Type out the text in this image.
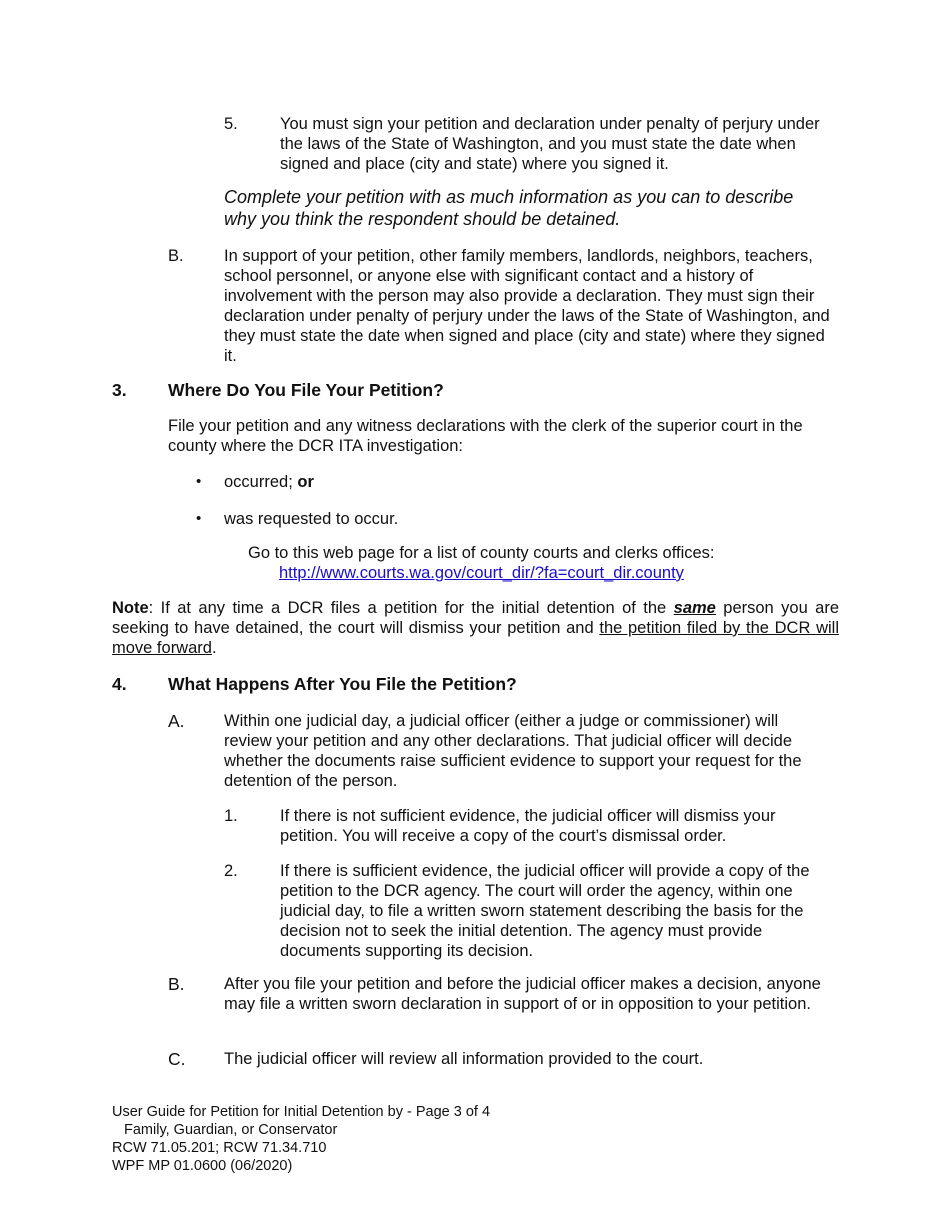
5.	You must sign your petition and declaration under penalty of perjury under the laws of the State of Washington, and you must state the date when signed and place (city and state) where you signed it.

Complete your petition with as much information as you can to describe why you think the respondent should be detained.

B. In support of your petition, other family members, landlords, neighbors, teachers, school personnel, or anyone else with significant contact and a history of involvement with the person may also provide a declaration. They must sign their declaration under penalty of perjury under the laws of the State of Washington, and they must state the date when signed and place (city and state) where they signed it.

3. Where Do You File Your Petition?

File your petition and any witness declarations with the clerk of the superior court in the county where the DCR ITA investigation:

• occurred; or
• was requested to occur.
Go to this web page for a list of county courts and clerks offices:
http://www.courts.wa.gov/court_dir/?fa=court_dir.county

Note: If at any time a DCR files a petition for the initial detention of the same person you are seeking to have detained, the court will dismiss your petition and the petition filed by the DCR will move forward.

4. What Happens After You File the Petition?
A. Within one judicial day, a judicial officer (either a judge or commissioner) will review your petition and any other declarations. That judicial officer will decide whether the documents raise sufficient evidence to support your request for the detention of the person.

1.	If there is not sufficient evidence, the judicial officer will dismiss your petition. You will receive a copy of the court’s dismissal order.

2.	If there is sufficient evidence, the judicial officer will provide a copy of the petition to the DCR agency. The court will order the agency, within one judicial day, to file a written sworn statement describing the basis for the decision not to seek the initial detention. The agency must provide documents supporting its decision.

B. After you file your petition and before the judicial officer makes a decision, anyone may file a written sworn declaration in support of or in opposition to your petition.

C. The judicial officer will review all information provided to the court.

User Guide for Petition for Initial Detention by - Page 3 of 4
Family, Guardian, or Conservator
RCW 71.05.201; RCW 71.34.710
WPF MP 01.0600 (06/2020)
